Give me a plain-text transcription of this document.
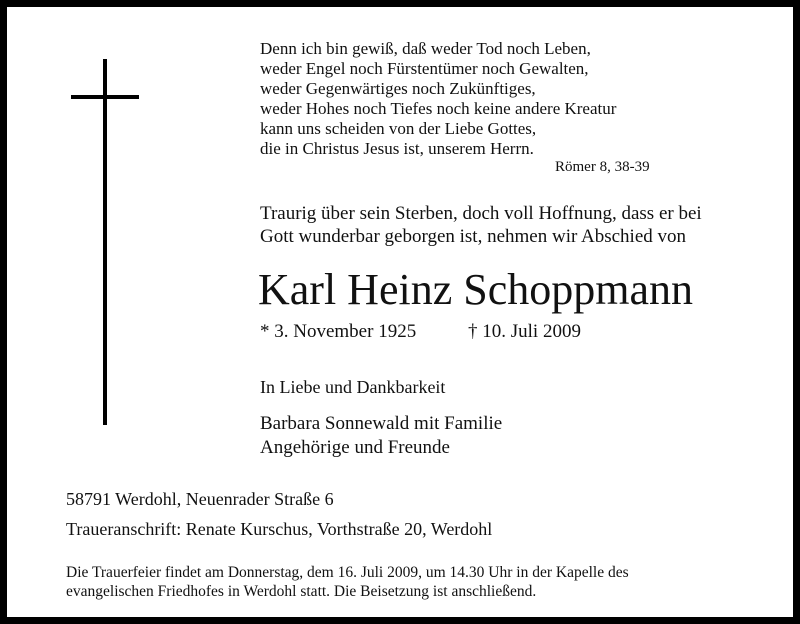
Denn ich bin gewiß, daß weder Tod noch Leben,
weder Engel noch Fürstentümer noch Gewalten,
weder Gegenwärtiges noch Zukünftiges,
weder Hohes noch Tiefes noch keine andere Kreatur
kann uns scheiden von der Liebe Gottes,
die in Christus Jesus ist, unserem Herrn.
Römer 8, 38-39
Traurig über sein Sterben, doch voll Hoffnung, dass er bei
Gott wunderbar geborgen ist, nehmen wir Abschied von
Karl Heinz Schoppmann
* 3. November 1925	† 10. Juli 2009
In Liebe und Dankbarkeit
Barbara Sonnewald mit Familie
Angehörige und Freunde
58791 Werdohl, Neuenrader Straße 6
Traueranschrift: Renate Kurschus, Vorthstraße 20, Werdohl
Die Trauerfeier findet am Donnerstag, dem 16. Juli 2009, um 14.30 Uhr in der Kapelle des
evangelischen Friedhofes in Werdohl statt. Die Beisetzung ist anschließend.
